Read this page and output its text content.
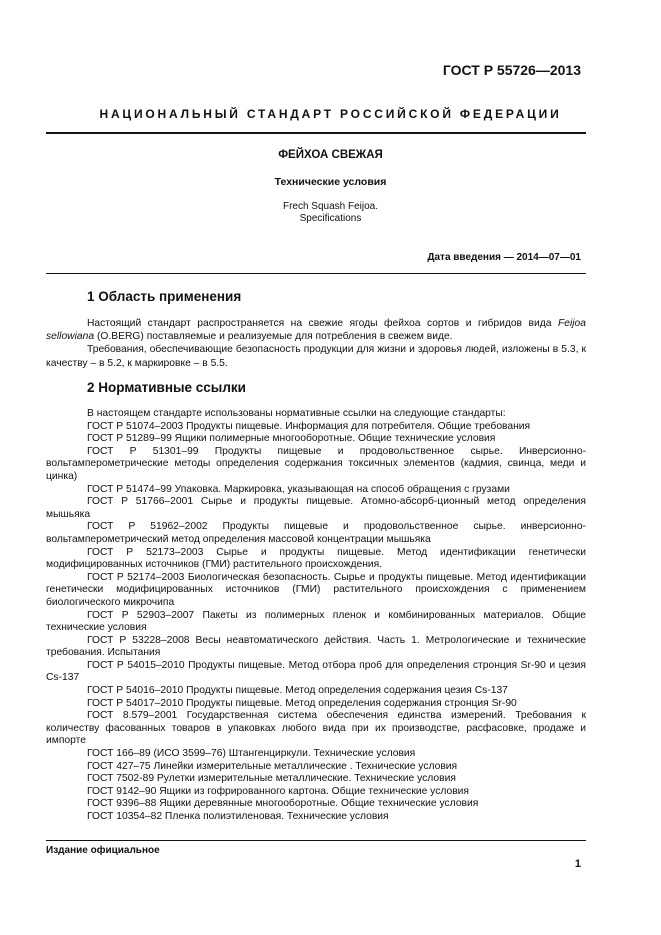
ГОСТ Р 55726—2013
НАЦИОНАЛЬНЫЙ СТАНДАРТ РОССИЙСКОЙ ФЕДЕРАЦИИ
ФЕЙХОА СВЕЖАЯ
Технические условия
Frech Squash Feijoa.
Specifications
Дата введения — 2014—07—01
1 Область применения

Настоящий стандарт распространяется на свежие ягоды фейхоа сортов и гибридов вида Feijoa sellowiana (O.BERG) поставляемые и реализуемые для потребления в свежем виде.

Требования, обеспечивающие безопасность продукции для жизни и здоровья людей, изложены в 5.3, к качеству – в 5.2, к маркировке – в 5.5.

2 Нормативные ссылки

В настоящем стандарте использованы нормативные ссылки на следующие стандарты:

ГОСТ Р 51074–2003 Продукты пищевые. Информация для потребителя. Общие требования

ГОСТ Р 51289–99 Ящики полимерные многооборотные. Общие технические условия

ГОСТ Р 51301–99 Продукты пищевые и продовольственное сырье. Инверсионно-вольтамперометрические методы определения содержания токсичных элементов (кадмия, свинца, меди и цинка)

ГОСТ Р 51474–99 Упаковка. Маркировка, указывающая на способ обращения с грузами

ГОСТ Р 51766–2001 Сырье и продукты пищевые. Атомно-абсорб-ционный метод определения мышьяка

ГОСТ Р 51962–2002 Продукты пищевые и продовольственное сырье. инверсионно-вольтамперометрический метод определения массовой концентрации мышьяка

ГОСТ Р 52173–2003 Сырье и продукты пищевые. Метод идентификации генетически модифицированных источников (ГМИ) растительного происхождения.

ГОСТ Р 52174–2003 Биологическая безопасность. Сырье и продукты пищевые. Метод идентификации генетически модифицированных источников (ГМИ) растительного происхождения с применением биологического микрочипа

ГОСТ Р 52903–2007 Пакеты из полимерных пленок и комбинированных материалов. Общие технические условия

ГОСТ Р 53228–2008 Весы неавтоматического действия. Часть 1. Метрологические и технические требования. Испытания

ГОСТ Р 54015–2010 Продукты пищевые. Метод отбора проб для определения стронция Sr-90 и цезия Cs-137

ГОСТ Р 54016–2010 Продукты пищевые. Метод определения содержания цезия Cs-137

ГОСТ Р 54017–2010 Продукты пищевые. Метод определения содержания стронция Sr-90

ГОСТ 8.579–2001 Государственная система обеспечения единства измерений. Требования к количеству фасованных товаров в упаковках любого вида при их производстве, расфасовке, продаже и импорте

ГОСТ 166–89 (ИСО 3599–76) Штангенциркули. Технические условия

ГОСТ 427–75 Линейки измерительные металлические . Технические условия

ГОСТ 7502-89 Рулетки измерительные металлические. Технические условия

ГОСТ 9142–90 Ящики из гофрированного картона. Общие технические условия

ГОСТ 9396–88 Ящики деревянные многооборотные. Общие технические условия

ГОСТ 10354–82 Пленка полиэтиленовая. Технические условия

Издание официальное
1
